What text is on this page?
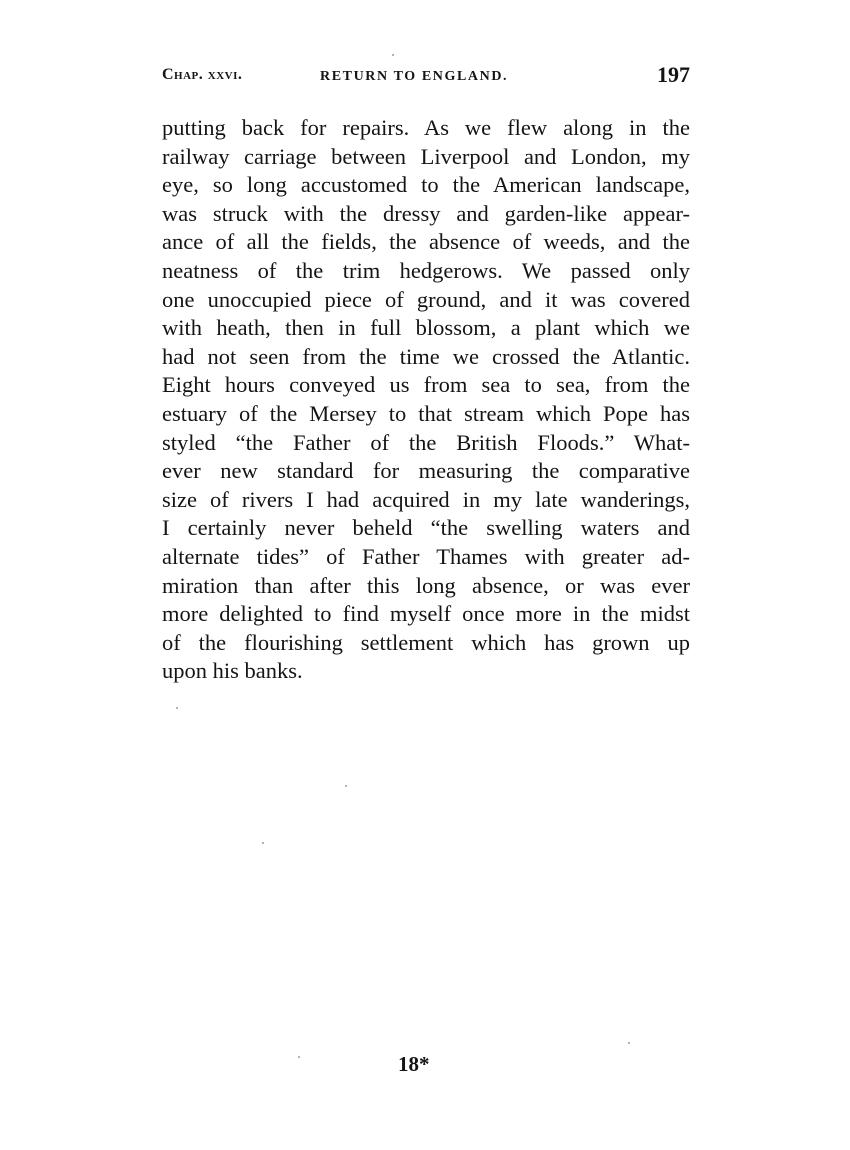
Chap. xxvi.	RETURN TO ENGLAND.	197
putting back for repairs. As we flew along in the
railway carriage between Liverpool and London, my
eye, so long accustomed to the American landscape,
was struck with the dressy and garden-like appear-
ance of all the fields, the absence of weeds, and the
neatness of the trim hedgerows. We passed only
one unoccupied piece of ground, and it was covered
with heath, then in full blossom, a plant which we
had not seen from the time we crossed the Atlantic.
Eight hours conveyed us from sea to sea, from the
estuary of the Mersey to that stream which Pope has
styled “the Father of the British Floods.” What-
ever new standard for measuring the comparative
size of rivers I had acquired in my late wanderings,
I certainly never beheld “the swelling waters and
alternate tides” of Father Thames with greater ad-
miration than after this long absence, or was ever
more delighted to find myself once more in the midst
of the flourishing settlement which has grown up
upon his banks.
18*
